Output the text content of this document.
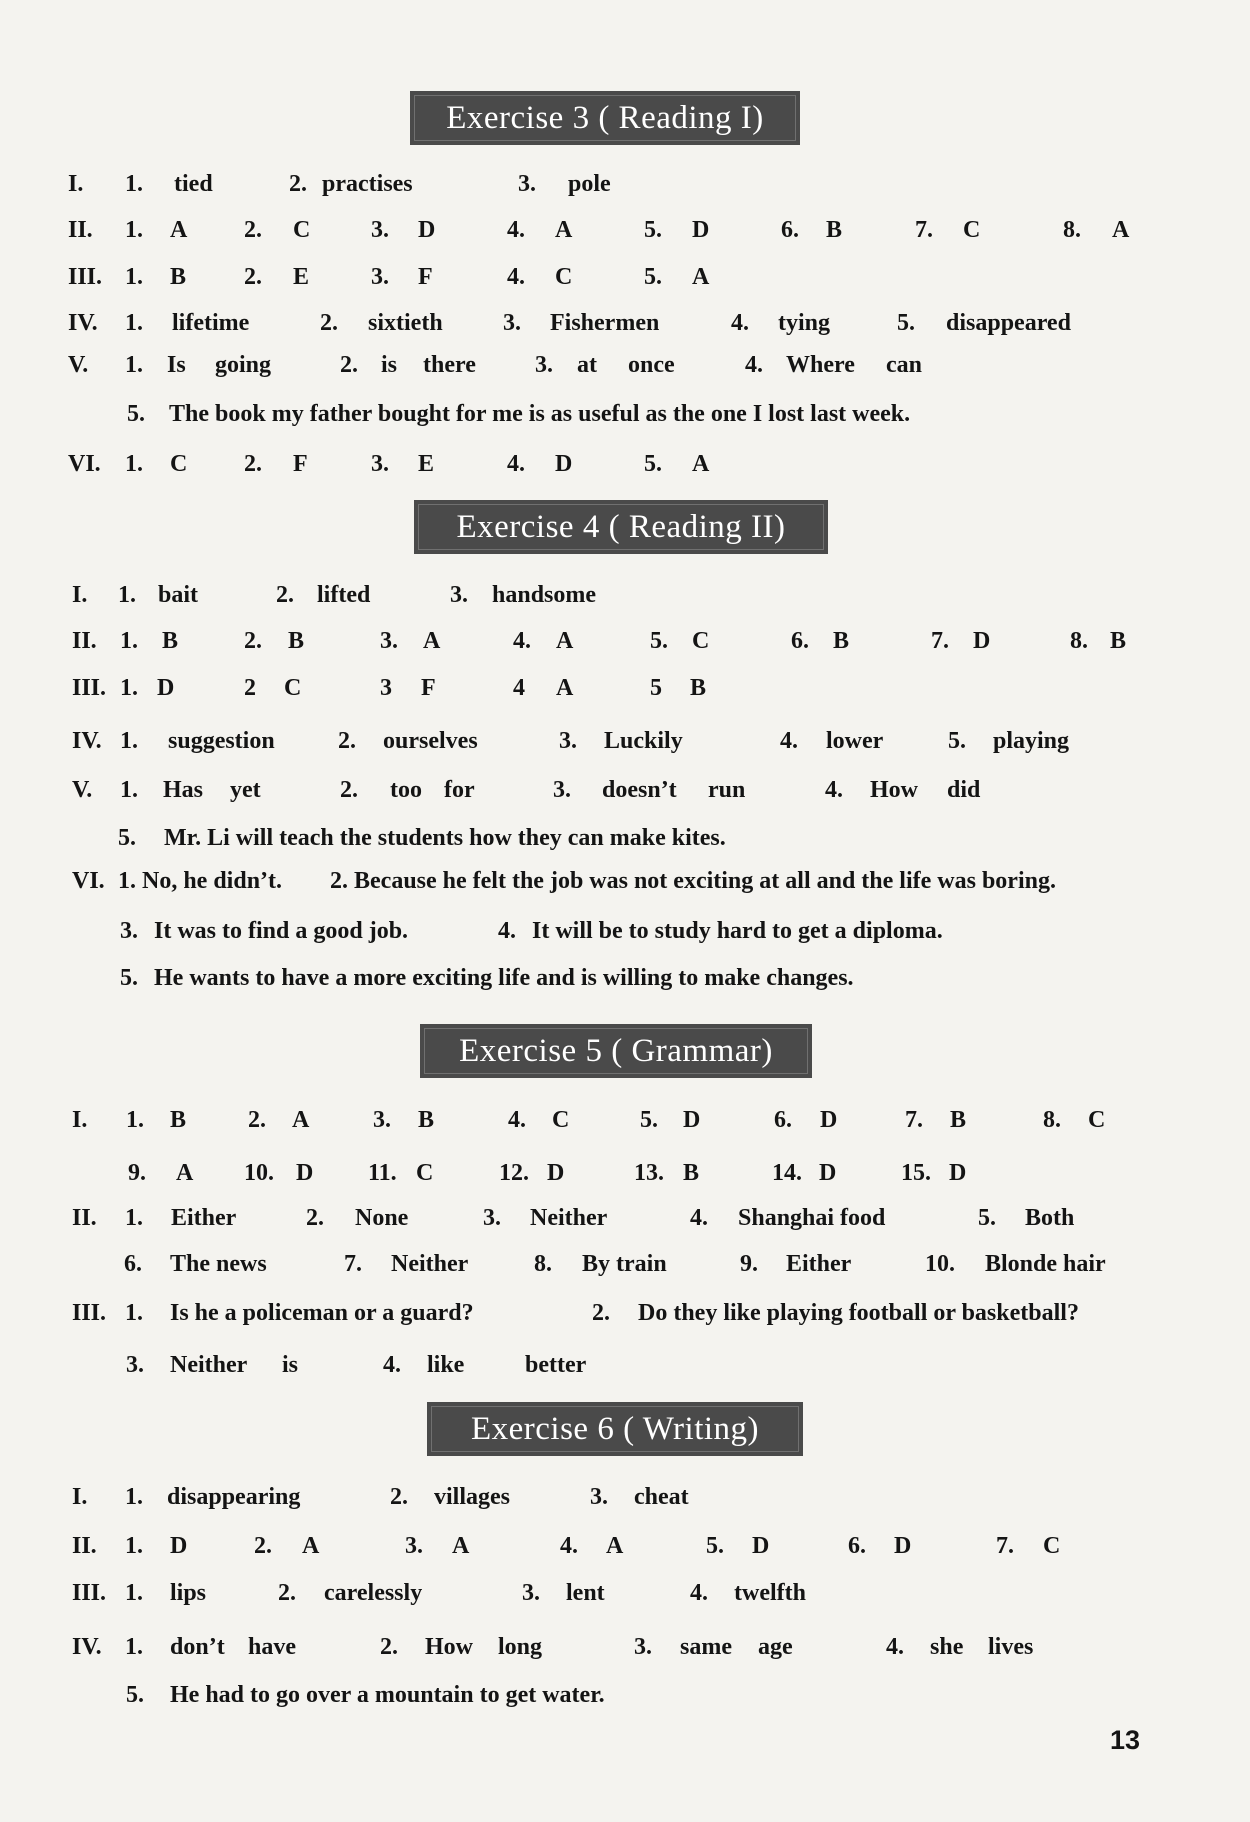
Exercise 3 ( Reading I)
I. 1. tied	2. practises	3. pole
II. 1. A 2. C	3. D	4. A	5. D	6. B	7. C	8. A
III. 1. B 2. E	3. F	4. C	5. A
IV. 1. lifetime	2. sixtieth	3. Fishermen	4. tying	5. disappeared
V. 1. Is going	2. is there 3. at once	4. Where can
5. The book my father bought for me is as useful as the one I lost last week.
VI. 1. C 2. F	3. E	4. D	5. A
Exercise 4 ( Reading II)
I. 1. bait	2. lifted	3. handsome
II. 1. B	2. B	3. A	4. A	5. C	6. B	7. D	8. B
III. 1. D	2 C	3 F	4 A	5 B
IV. 1. suggestion	2. ourselves	3. Luckily	4. lower	5. playing
V. 1. Has yet	2. too for	3. doesn’t run	4. How did
5. Mr. Li will teach the students how they can make kites.
VI. 1. No, he didn’t. 2. Because he felt the job was not exciting at all and the life was boring.
3. It was to find a good job.	4. It will be to study hard to get a diploma.
5. He wants to have a more exciting life and is willing to make changes.
Exercise 5 ( Grammar)
I. 1. B	2. A	3. B	4. C	5. D	6. D	7. B	8. C
9. A 10. D 11. C	12. D	13. B	14. D	15. D
II. 1. Either	2. None	3. Neither	4. Shanghai food	5. Both
6. The news	7. Neither	8. By train	9. Either	10. Blonde hair
III. 1. Is he a policeman or a guard?	2. Do they like playing football or basketball?
3. Neither is	4. like	better
Exercise 6 ( Writing)
I. 1. disappearing	2. villages	3. cheat
II. 1. D	2. A	3. A	4. A	5. D	6. D	7. C
III. 1. lips	2. carelessly	3. lent	4. twelfth
IV. 1. don’t have	2. How long	3. same age	4. she lives
5. He had to go over a mountain to get water.
13
